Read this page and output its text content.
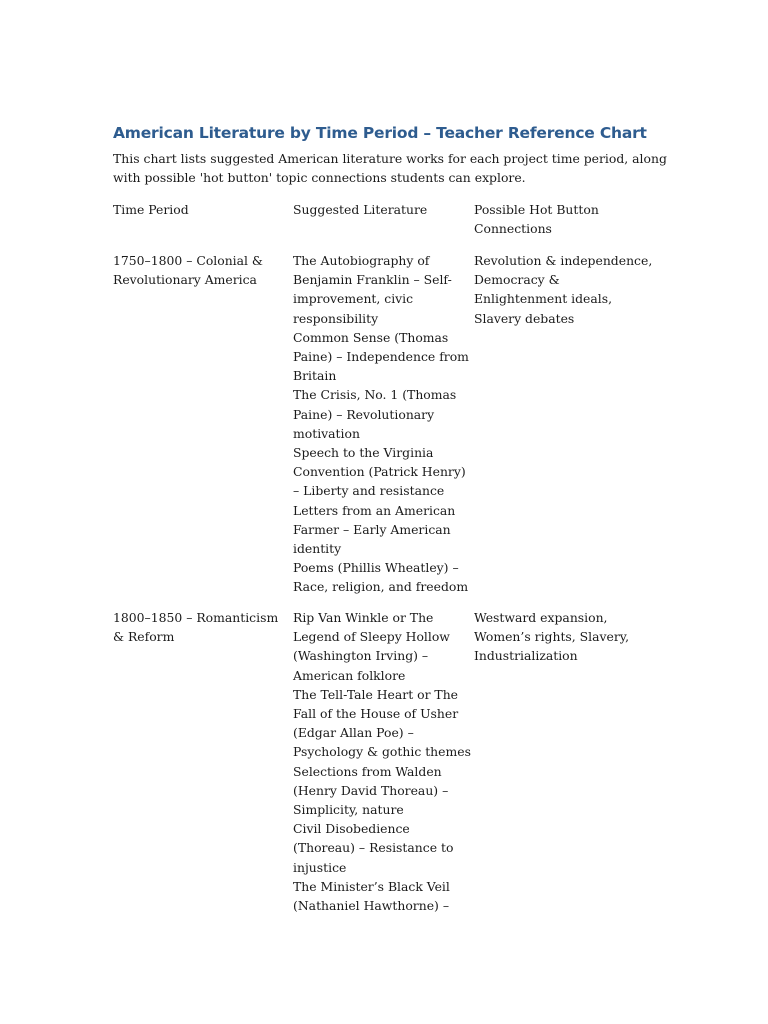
American Literature by Time Period – Teacher Reference Chart
This chart lists suggested American literature works for each project time period, along
with possible 'hot button' topic connections students can explore.
Time Period	Suggested Literature	Possible Hot Button
Connections
1750–1800 – Colonial &
Revolutionary America
The Autobiography of
Benjamin Franklin – Self-
improvement, civic
responsibility
Common Sense (Thomas
Paine) – Independence from
Britain
The Crisis, No. 1 (Thomas
Paine) – Revolutionary
motivation
Speech to the Virginia
Convention (Patrick Henry)
– Liberty and resistance
Letters from an American
Farmer – Early American
identity
Poems (Phillis Wheatley) –
Race, religion, and freedom
Revolution & independence,
Democracy &
Enlightenment ideals,
Slavery debates
1800–1850 – Romanticism
& Reform
Rip Van Winkle or The
Legend of Sleepy Hollow
(Washington Irving) –
American folklore
The Tell-Tale Heart or The
Fall of the House of Usher
(Edgar Allan Poe) –
Psychology & gothic themes
Selections from Walden
(Henry David Thoreau) –
Simplicity, nature
Civil Disobedience
(Thoreau) – Resistance to
injustice
The Minister’s Black Veil
(Nathaniel Hawthorne) –
Westward expansion,
Women’s rights, Slavery,
Industrialization
